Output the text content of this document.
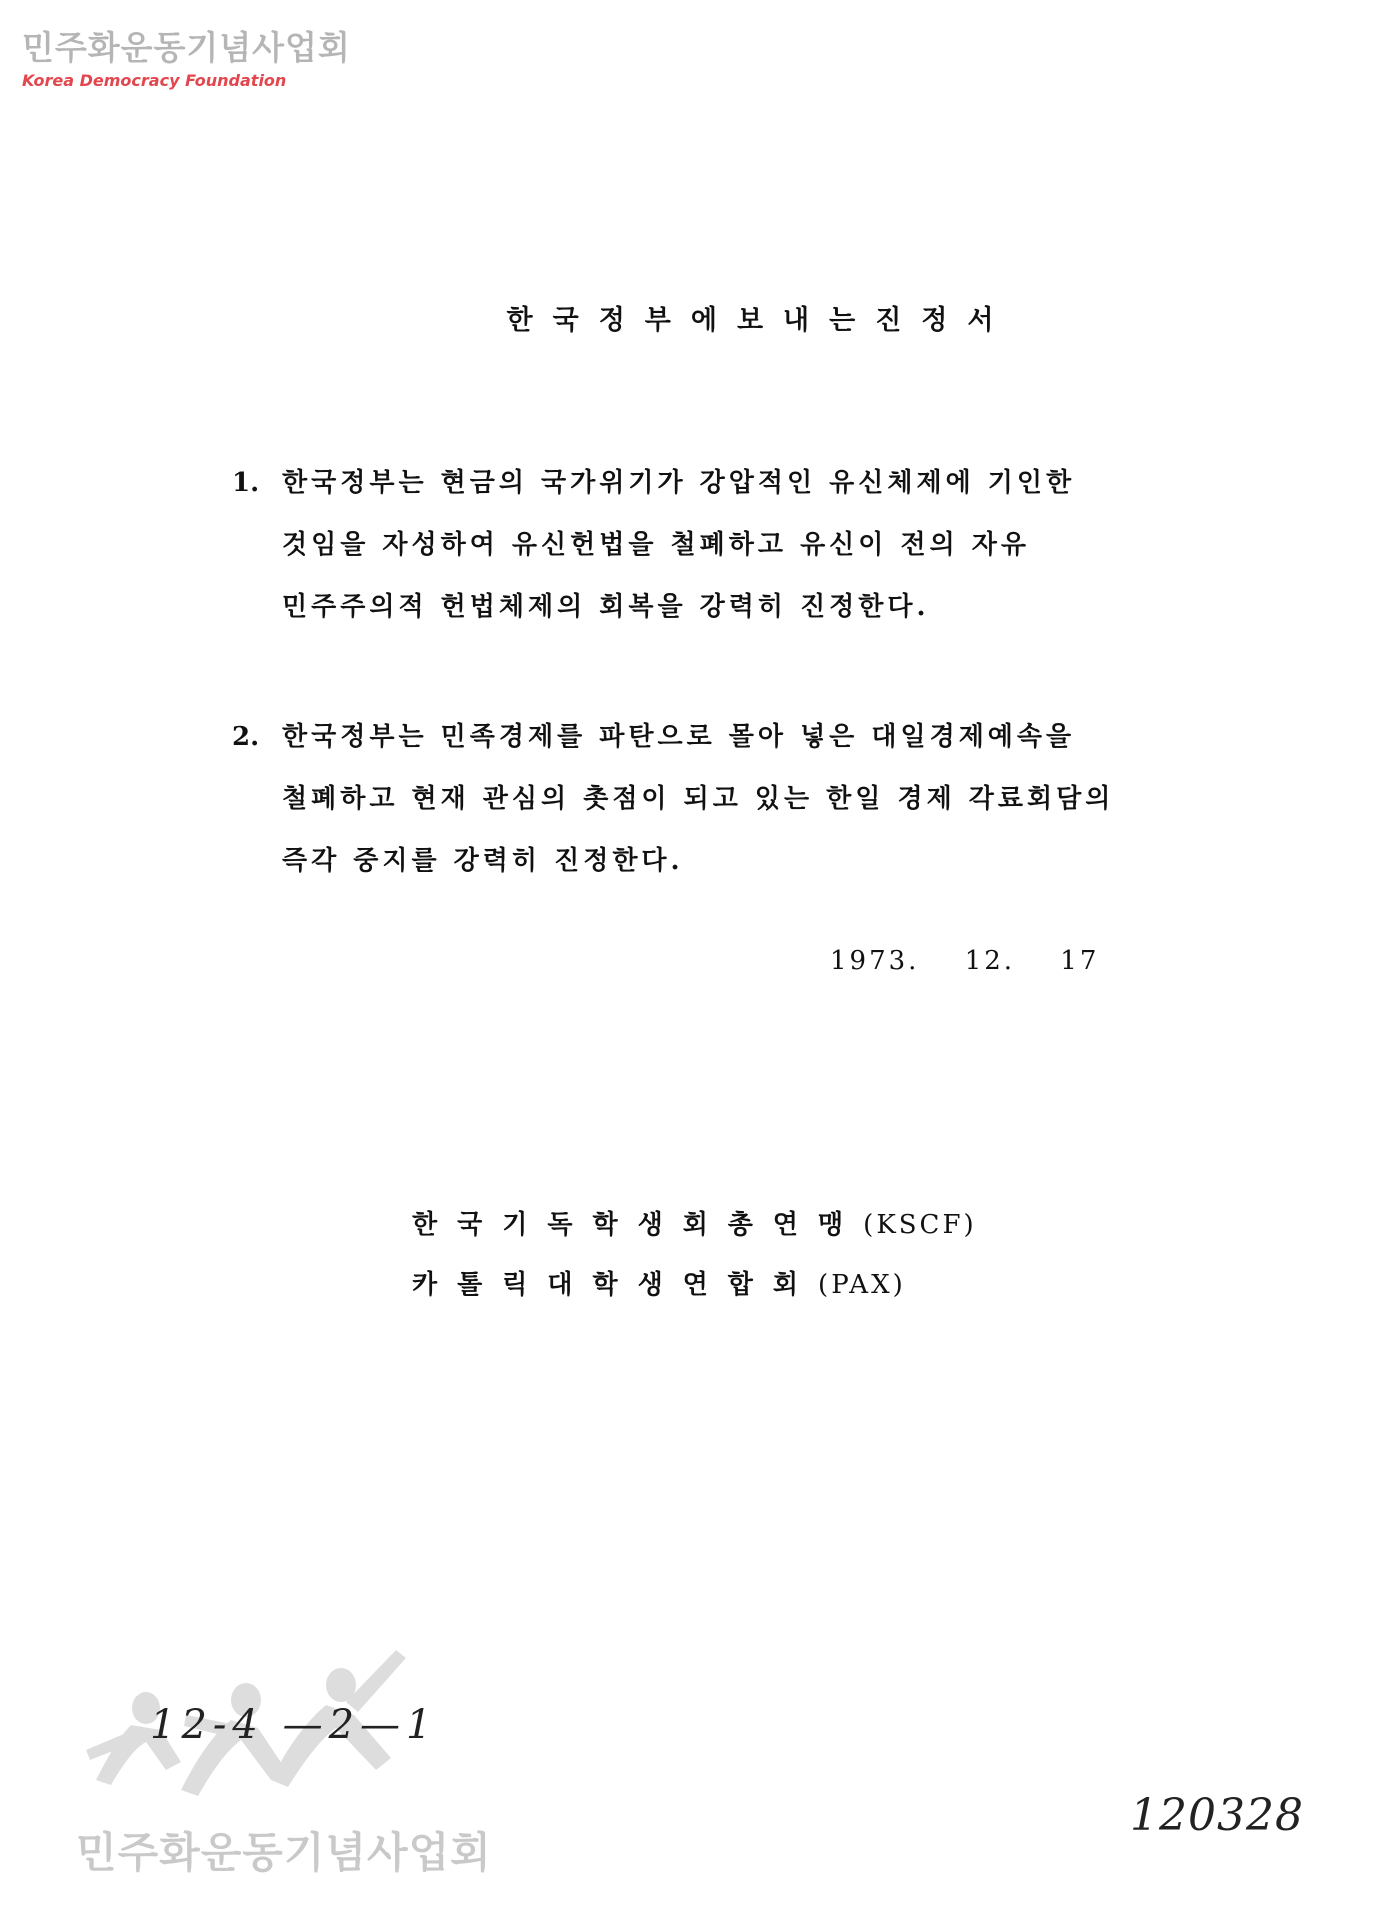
민주화운동기념사업회
Korea Democracy Foundation
한국정부에보내는진정서
1. 한국정부는 현금의 국가위기가 강압적인 유신체제에 기인한
것임을 자성하여 유신헌법을 철폐하고 유신이 전의 자유
민주주의적 헌법체제의 회복을 강력히 진정한다.
2. 한국정부는 민족경제를 파탄으로 몰아 넣은 대일경제예속을
철폐하고 현재 관심의 촛점이 되고 있는 한일 경제 각료회담의
즉각 중지를 강력히 진정한다.
1973. 12. 17
한국기독학생회총연맹(KSCF)
카톨릭대학생연합회(PAX)
민주화운동기념사업회
12-4 —2—1
120328
